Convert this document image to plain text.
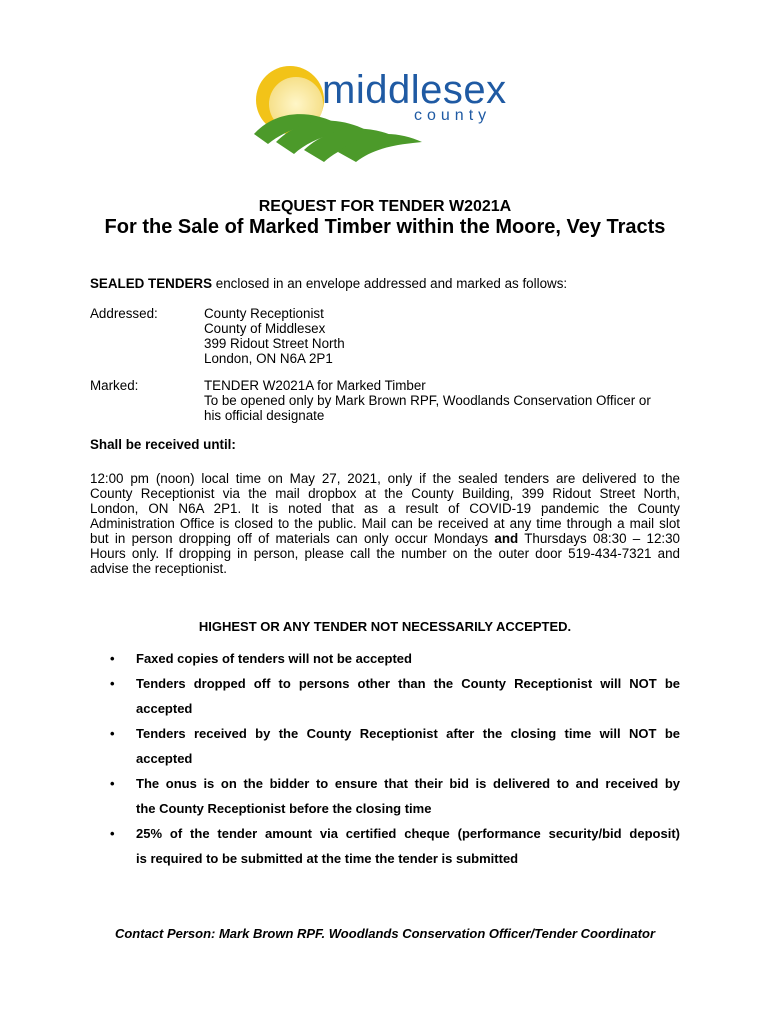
middlesex
county
REQUEST FOR TENDER W2021A
For the Sale of Marked Timber within the Moore, Vey Tracts
SEALED TENDERS enclosed in an envelope addressed and marked as follows:
Addressed:	County Receptionist
County of Middlesex
399 Ridout Street North
London, ON N6A 2P1
Marked:	TENDER W2021A for Marked Timber
To be opened only by Mark Brown RPF, Woodlands Conservation Officer or
his official designate
Shall be received until:
12:00 pm (noon) local time on May 27, 2021, only if the sealed tenders are delivered to the
County Receptionist via the mail dropbox at the County Building, 399 Ridout Street North,
London, ON N6A 2P1. It is noted that as a result of COVID-19 pandemic the County
Administration Office is closed to the public. Mail can be received at any time through a mail slot
but in person dropping off of materials can only occur Mondays and Thursdays 08:30 – 12:30
Hours only. If dropping in person, please call the number on the outer door 519-434-7321 and
advise the receptionist.
HIGHEST OR ANY TENDER NOT NECESSARILY ACCEPTED.
• Faxed copies of tenders will not be accepted
• Tenders dropped off to persons other than the County Receptionist will NOT be
accepted
• Tenders received by the County Receptionist after the closing time will NOT be
accepted
• The onus is on the bidder to ensure that their bid is delivered to and received by
the County Receptionist before the closing time
• 25% of the tender amount via certified cheque (performance security/bid deposit)
is required to be submitted at the time the tender is submitted
Contact Person: Mark Brown RPF. Woodlands Conservation Officer/Tender Coordinator
